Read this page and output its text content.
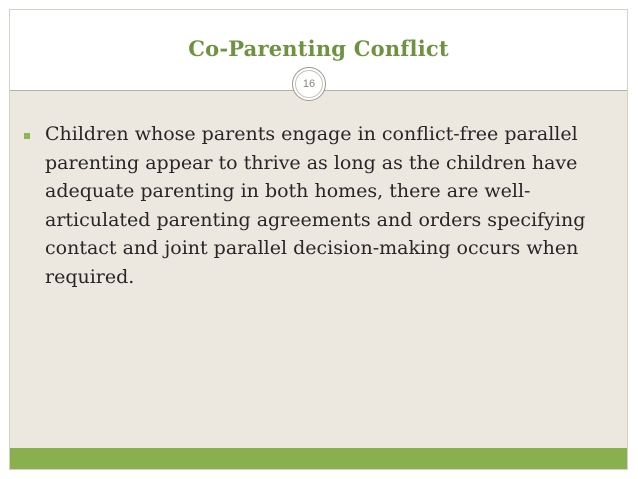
Co-Parenting Conflict
Children whose parents engage in conflict-free parallel parenting appear to thrive as long as the children have adequate parenting in both homes, there are well-articulated parenting agreements and orders specifying contact and joint parallel decision-making occurs when required.
16
